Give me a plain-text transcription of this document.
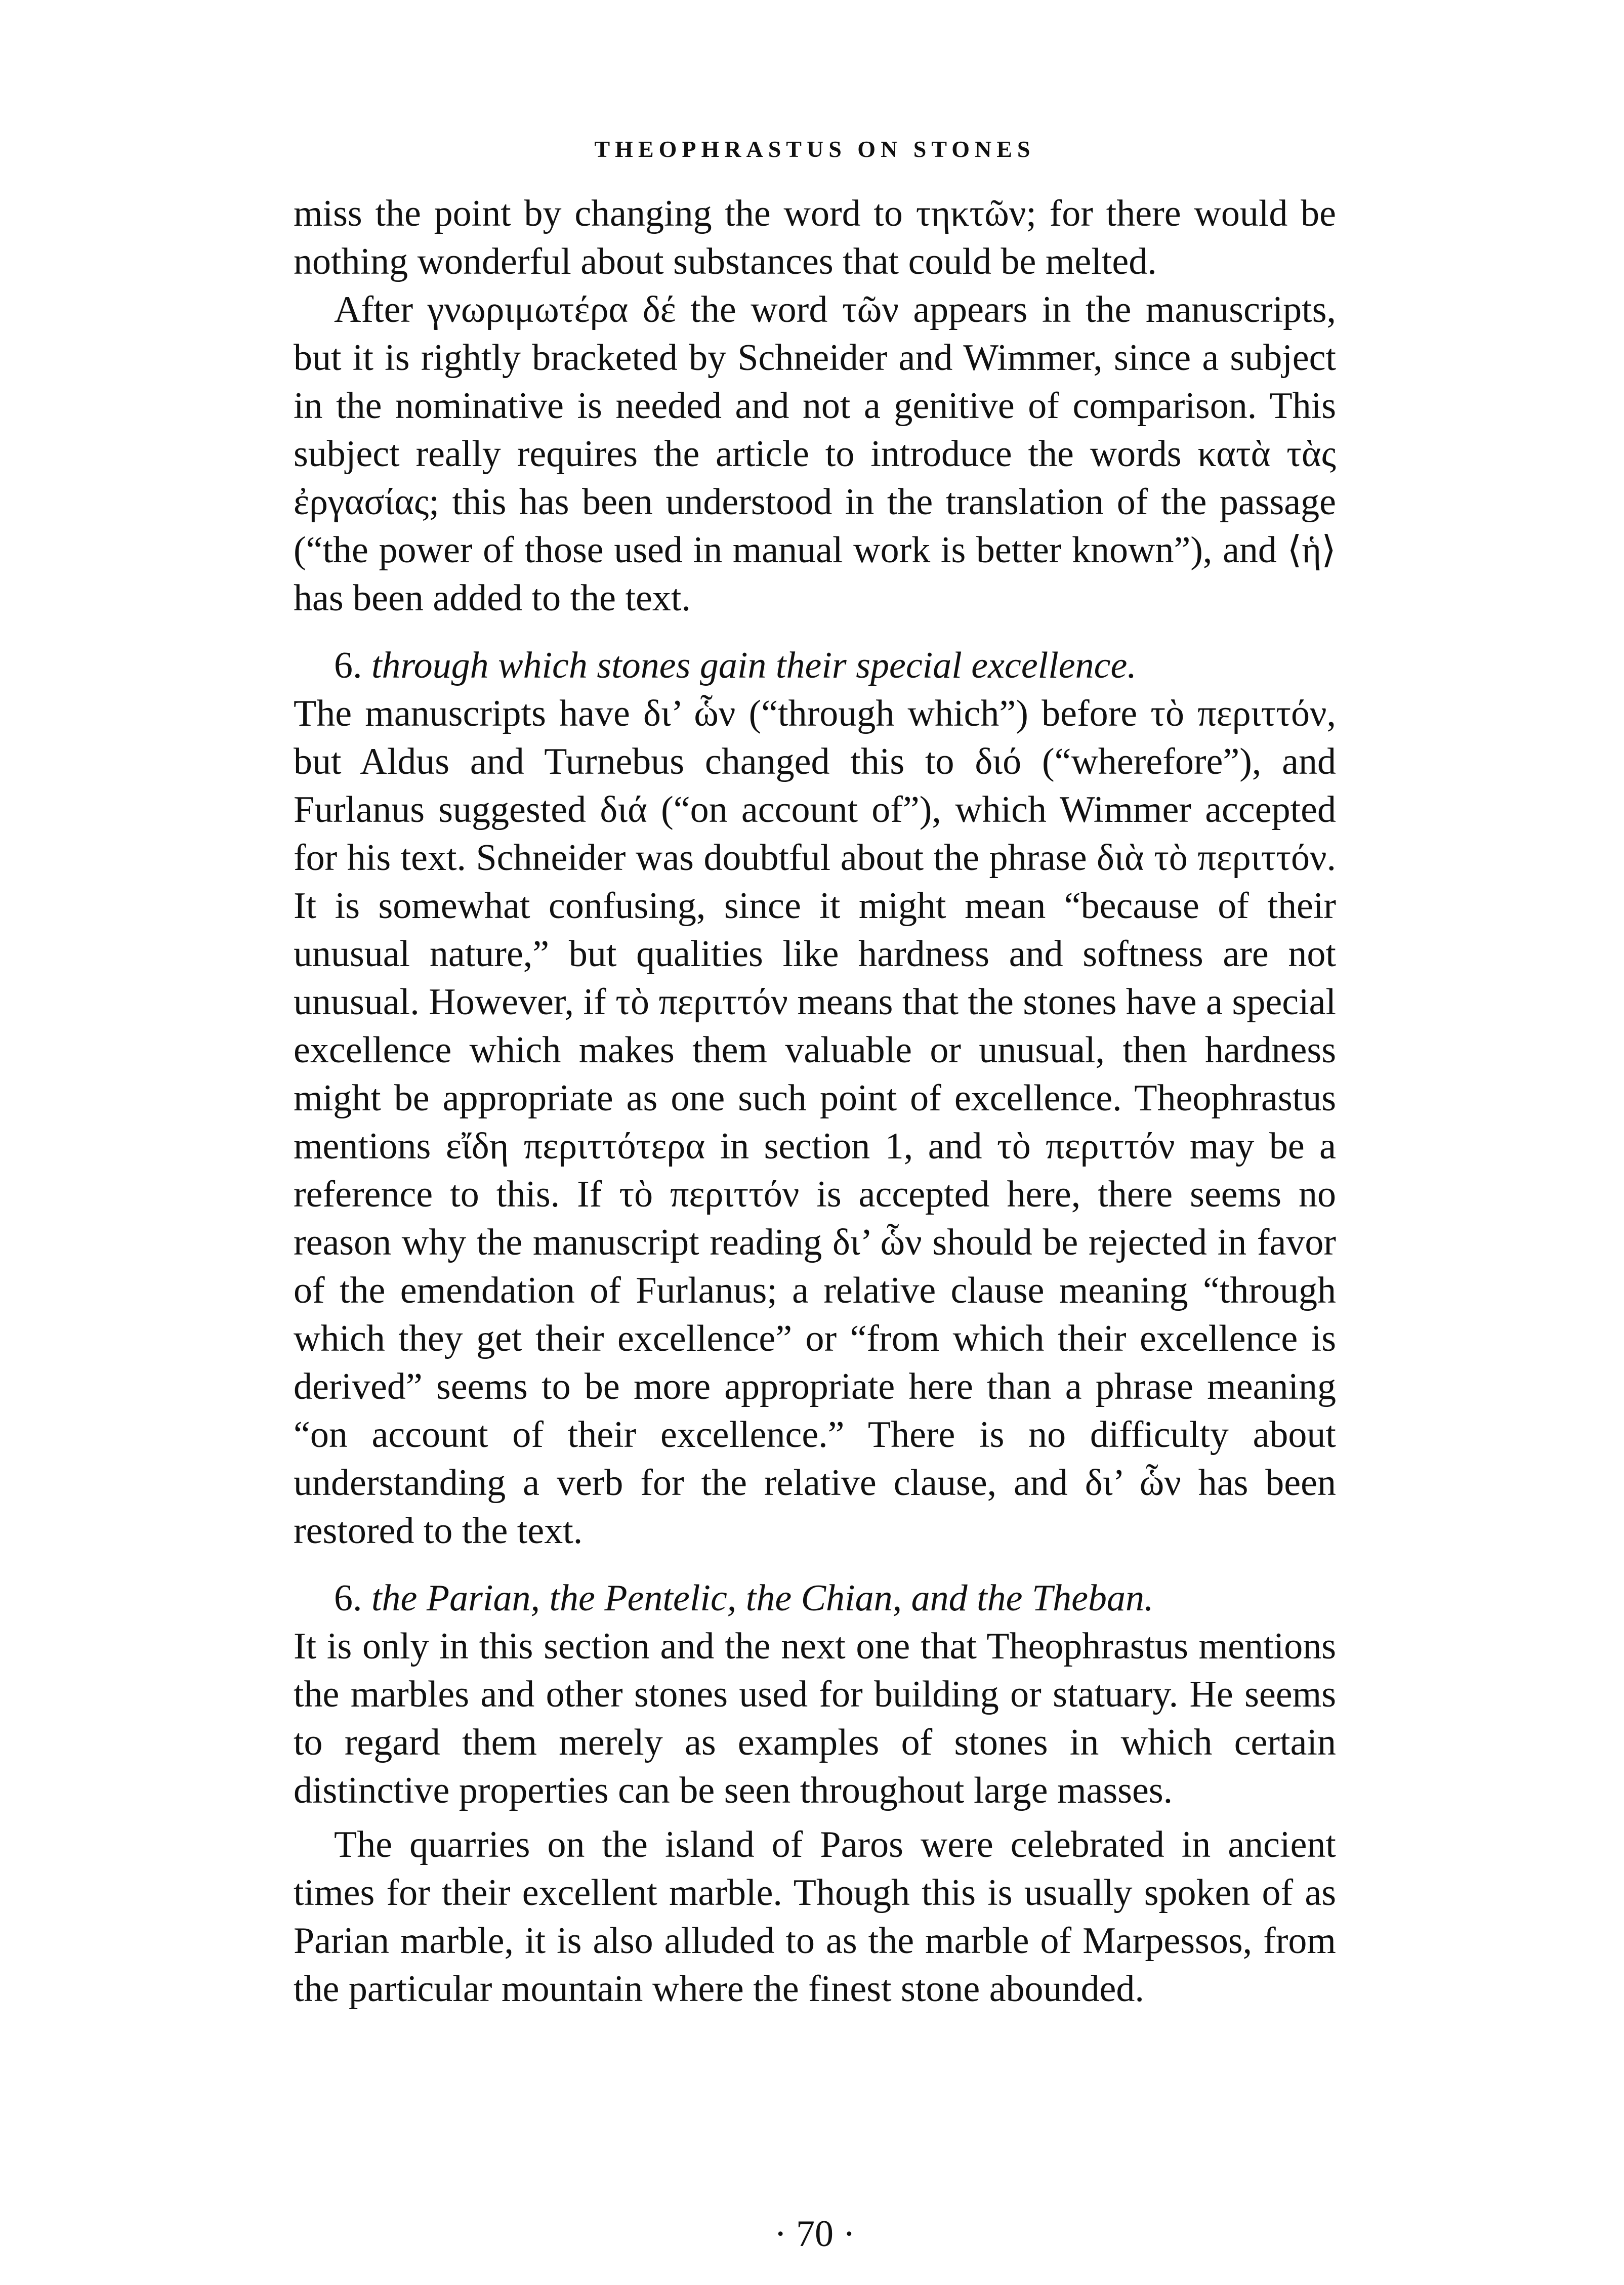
THEOPHRASTUS ON STONES

miss the point by changing the word to τηκτῶν; for there would be nothing wonderful about substances that could be melted.

After γνωριμωτέρα δέ the word τῶν appears in the manuscripts, but it is rightly bracketed by Schneider and Wimmer, since a subject in the nominative is needed and not a genitive of comparison. This subject really requires the article to introduce the words κατὰ τὰς ἐργασίας; this has been understood in the translation of the passage (“the power of those used in manual work is better known”), and ⟨ἡ⟩ has been added to the text.

6. through which stones gain their special excellence.

The manuscripts have δι’ ὧν (“through which”) before τὸ περιττόν, but Aldus and Turnebus changed this to διό (“wherefore”), and Furlanus suggested διά (“on account of”), which Wimmer accepted for his text. Schneider was doubtful about the phrase διὰ τὸ περιττόν. It is somewhat confusing, since it might mean “because of their unusual nature,” but qualities like hardness and softness are not unusual. However, if τὸ περιττόν means that the stones have a special excellence which makes them valuable or unusual, then hardness might be appropriate as one such point of excellence. Theophrastus mentions εἴδη περιττότερα in section 1, and τὸ περιττόν may be a reference to this. If τὸ περιττόν is accepted here, there seems no reason why the manuscript reading δι’ ὧν should be rejected in favor of the emendation of Furlanus; a relative clause meaning “through which they get their excellence” or “from which their excellence is derived” seems to be more appropriate here than a phrase meaning “on account of their excellence.” There is no difficulty about understanding a verb for the relative clause, and δι’ ὧν has been restored to the text.

6. the Parian, the Pentelic, the Chian, and the Theban.

It is only in this section and the next one that Theophrastus mentions the marbles and other stones used for building or statuary. He seems to regard them merely as examples of stones in which certain distinctive properties can be seen throughout large masses.

The quarries on the island of Paros were celebrated in ancient times for their excellent marble. Though this is usually spoken of as Parian marble, it is also alluded to as the marble of Marpessos, from the particular mountain where the finest stone abounded.

· 70 ·
